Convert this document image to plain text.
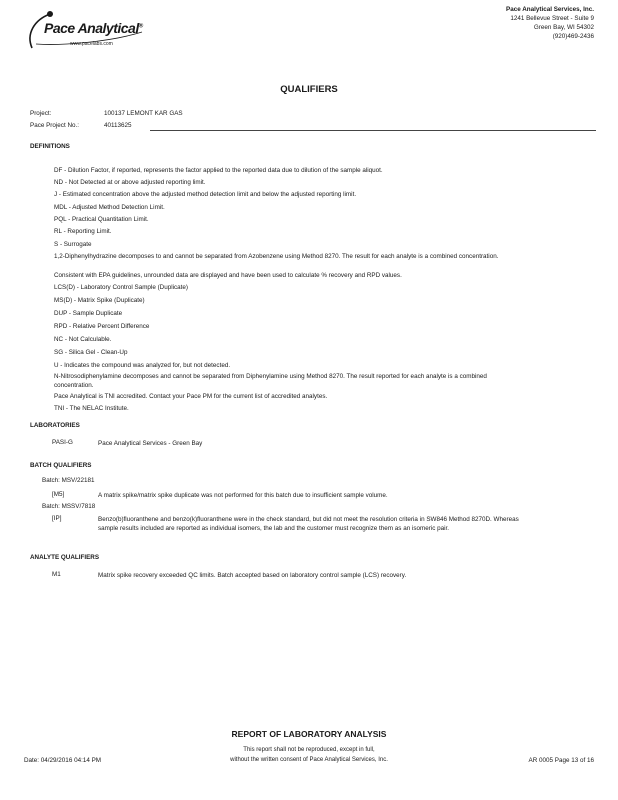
Pace Analytical®
www.pacelabs.com
Pace Analytical Services, Inc.
1241 Bellevue Street - Suite 9
Green Bay, WI 54302
(920)469-2436
QUALIFIERS
Project:	100137 LEMONT KAR GAS
Pace Project No.:	40113625
DEFINITIONS
DF - Dilution Factor, if reported, represents the factor applied to the reported data due to dilution of the sample aliquot.
ND - Not Detected at or above adjusted reporting limit.
J - Estimated concentration above the adjusted method detection limit and below the adjusted reporting limit.
MDL - Adjusted Method Detection Limit.
PQL - Practical Quantitation Limit.
RL - Reporting Limit.
S - Surrogate
1,2-Diphenylhydrazine decomposes to and cannot be separated from Azobenzene using Method 8270. The result for each analyte is a combined concentration.
Consistent with EPA guidelines, unrounded data are displayed and have been used to calculate % recovery and RPD values.
LCS(D) - Laboratory Control Sample (Duplicate)
MS(D) - Matrix Spike (Duplicate)
DUP - Sample Duplicate
RPD - Relative Percent Difference
NC - Not Calculable.
SG - Silica Gel - Clean-Up
U - Indicates the compound was analyzed for, but not detected.
N-Nitrosodiphenylamine decomposes and cannot be separated from Diphenylamine using Method 8270. The result reported for each analyte is a combined concentration.
Pace Analytical is TNI accredited. Contact your Pace PM for the current list of accredited analytes.
TNI - The NELAC Institute.
LABORATORIES
PASI-G	Pace Analytical Services - Green Bay
BATCH QUALIFIERS
Batch: MSV/22181
[M5]	A matrix spike/matrix spike duplicate was not performed for this batch due to insufficient sample volume.
Batch: MSSV/7818
[IP]	Benzo(b)fluoranthene and benzo(k)fluoranthene were in the check standard, but did not meet the resolution criteria in SW846 Method 8270D. Whereas sample results included are reported as individual isomers, the lab and the customer must recognize them as an isomeric pair.
ANALYTE QUALIFIERS
M1	Matrix spike recovery exceeded QC limits. Batch accepted based on laboratory control sample (LCS) recovery.
REPORT OF LABORATORY ANALYSIS
This report shall not be reproduced, except in full,
without the written consent of Pace Analytical Services, Inc.
Date: 04/29/2016 04:14 PM	AR 0005 Page 13 of 16
